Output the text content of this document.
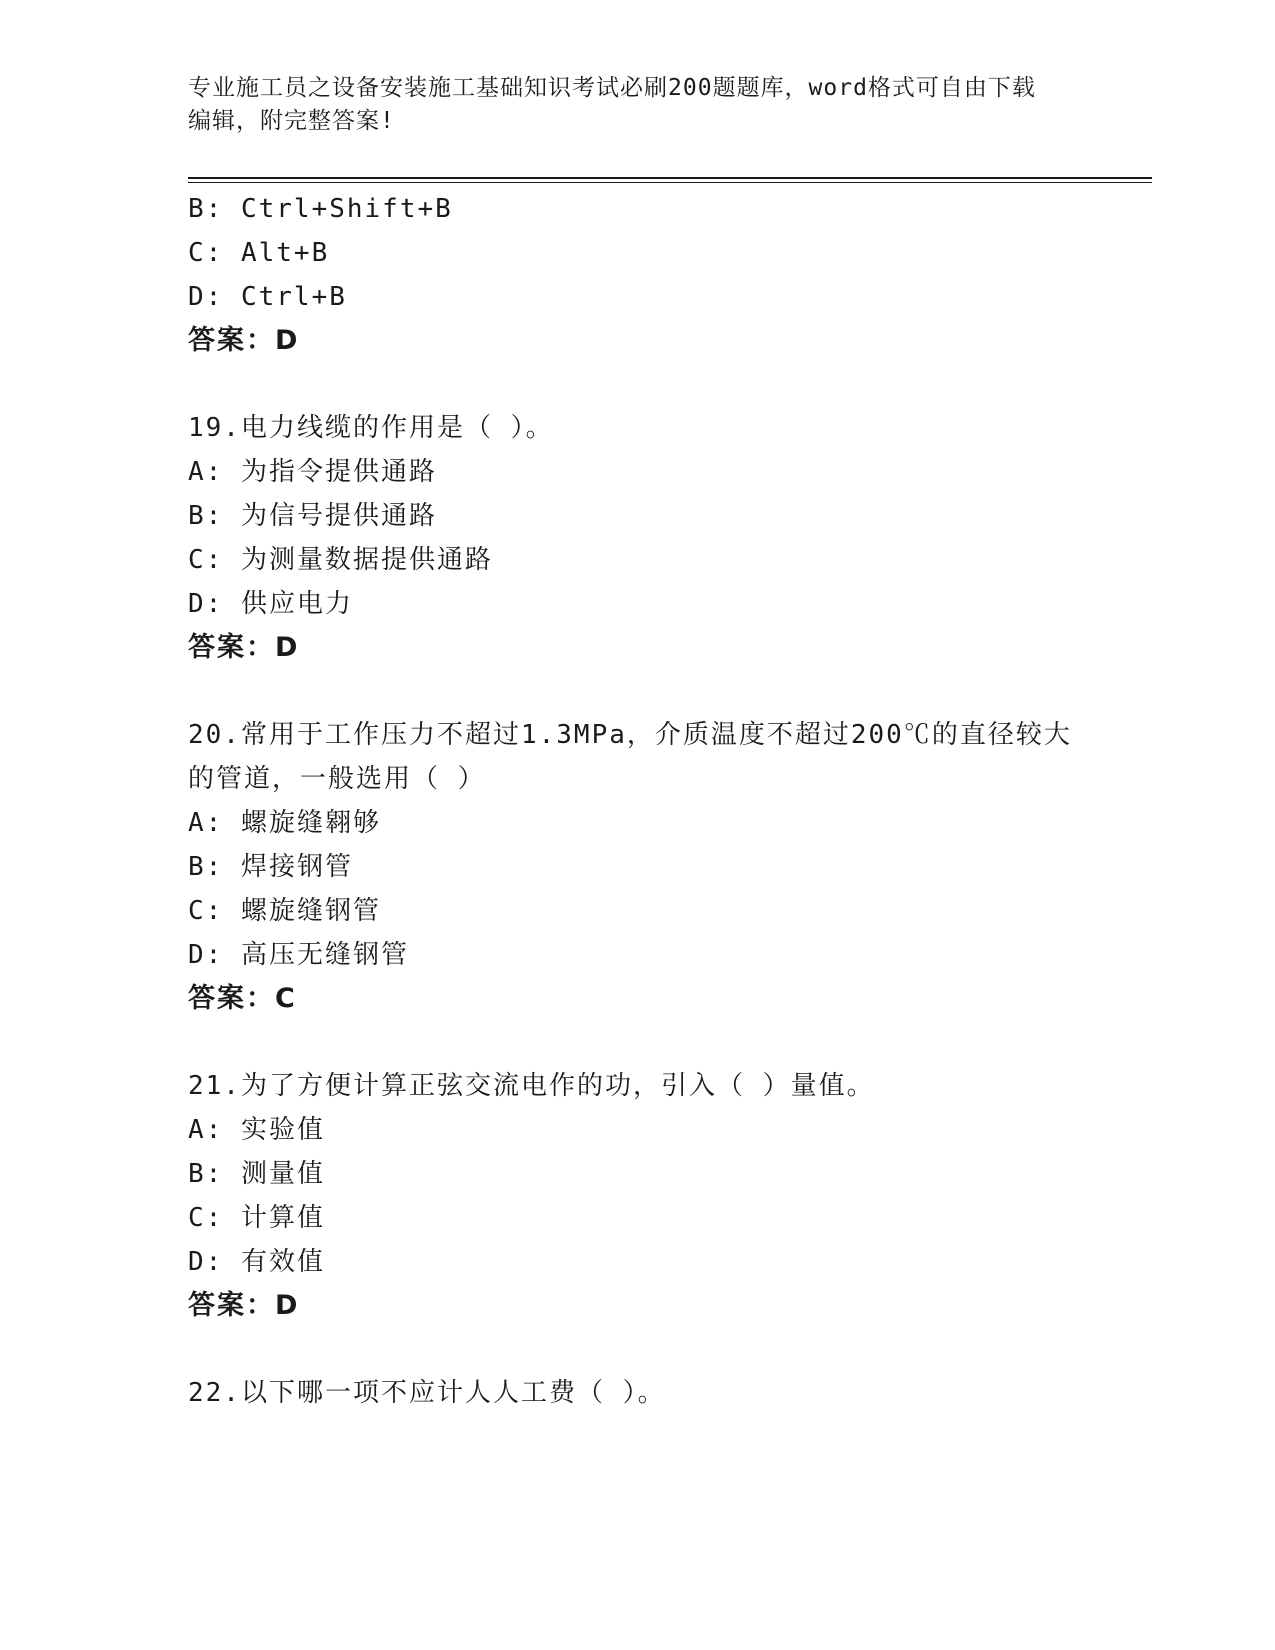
专业施工员之设备安装施工基础知识考试必刷200题题库，word格式可自由下载
编辑，附完整答案!
B: Ctrl+Shift+B
C: Alt+B
D: Ctrl+B
答案：D
19.电力线缆的作用是（ ）。
A: 为指令提供通路
B: 为信号提供通路
C: 为测量数据提供通路
D: 供应电力
答案：D
20.常用于工作压力不超过1.3MPa，介质温度不超过200℃的直径较大
的管道，一般选用（ ）
A: 螺旋缝翱够
B: 焊接钢管
C: 螺旋缝钢管
D: 高压无缝钢管
答案：C
21.为了方便计算正弦交流电作的功，引入（ ）量值。
A: 实验值
B: 测量值
C: 计算值
D: 有效值
答案：D
22.以下哪一项不应计人人工费（ ）。
